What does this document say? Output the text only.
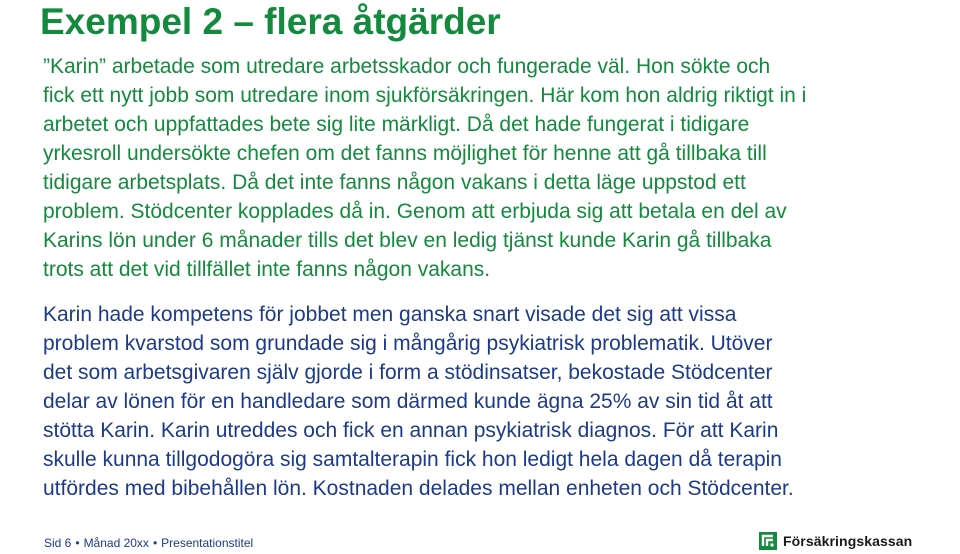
Exempel 2 – flera åtgärder
”Karin” arbetade som utredare arbetsskador och fungerade väl. Hon sökte och
fick ett nytt jobb som utredare inom sjukförsäkringen. Här kom hon aldrig riktigt in i
arbetet och uppfattades bete sig lite märkligt. Då det hade fungerat i tidigare
yrkesroll undersökte chefen om det fanns möjlighet för henne att gå tillbaka till
tidigare arbetsplats. Då det inte fanns någon vakans i detta läge uppstod ett
problem. Stödcenter kopplades då in. Genom att erbjuda sig att betala en del av
Karins lön under 6 månader tills det blev en ledig tjänst kunde Karin gå tillbaka
trots att det vid tillfället inte fanns någon vakans.
Karin hade kompetens för jobbet men ganska snart visade det sig att vissa
problem kvarstod som grundade sig i mångårig psykiatrisk problematik. Utöver
det som arbetsgivaren själv gjorde i form a stödinsatser, bekostade Stödcenter
delar av lönen för en handledare som därmed kunde ägna 25% av sin tid åt att
stötta Karin. Karin utreddes och fick en annan psykiatrisk diagnos. För att Karin
skulle kunna tillgodogöra sig samtalterapin fick hon ledigt hela dagen då terapin
utfördes med bibehållen lön. Kostnaden delades mellan enheten och Stödcenter.
Sid 6 • Månad 20xx • Presentationstitel	Försäkringskassan
